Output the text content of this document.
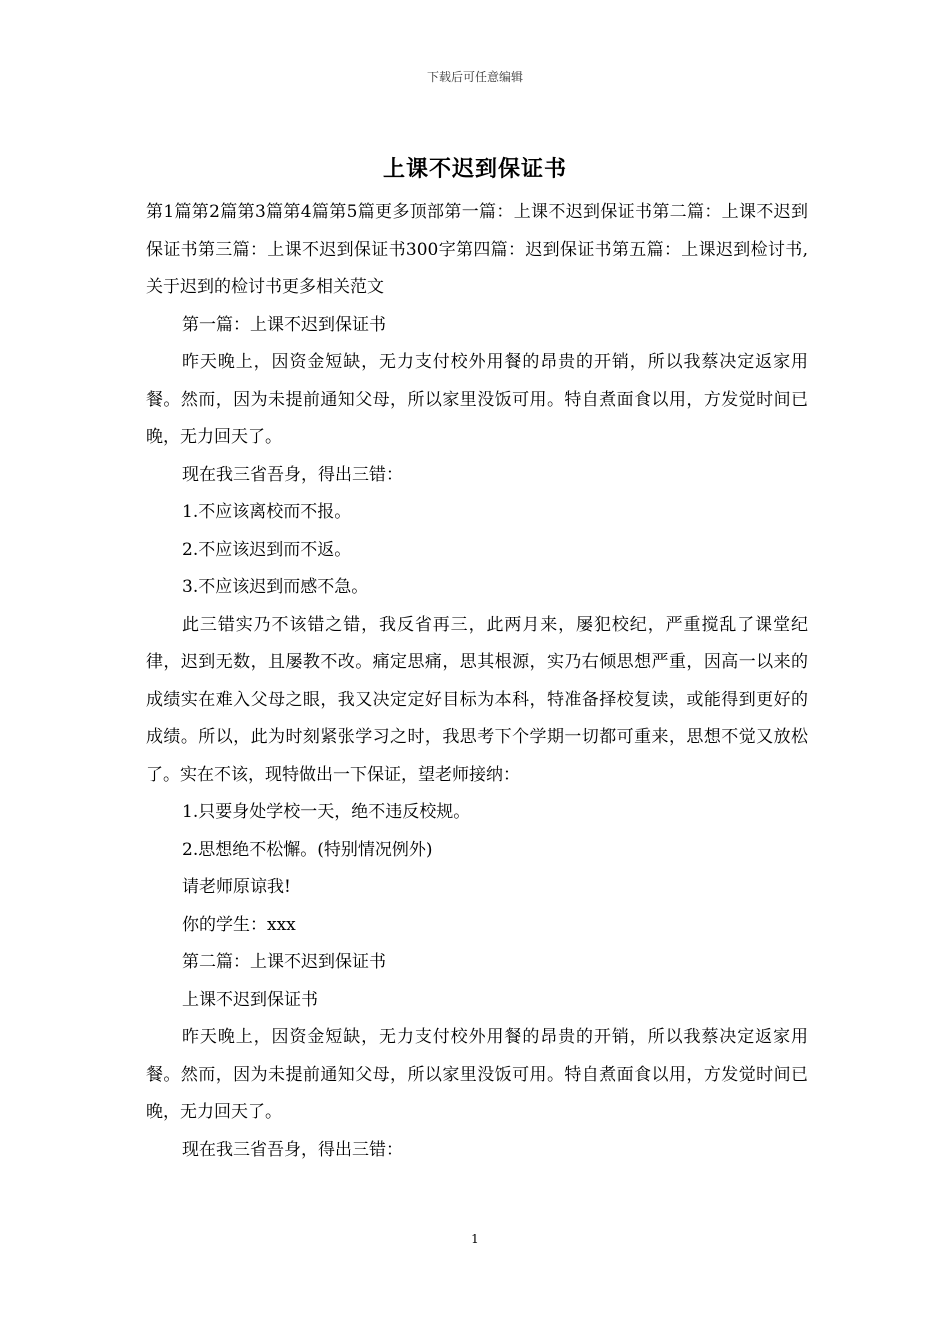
下载后可任意编辑
上课不迟到保证书

第1篇第2篇第3篇第4篇第5篇更多顶部第一篇：上课不迟到保证书第二篇：上课不迟到保证书第三篇：上课不迟到保证书300字第四篇：迟到保证书第五篇：上课迟到检讨书,关于迟到的检讨书更多相关范文

第一篇：上课不迟到保证书

昨天晚上，因资金短缺，无力支付校外用餐的昂贵的开销，所以我蔡决定返家用餐。然而，因为未提前通知父母，所以家里没饭可用。特自煮面食以用，方发觉时间已晚，无力回天了。

现在我三省吾身，得出三错：

1.不应该离校而不报。

2.不应该迟到而不返。

3.不应该迟到而感不急。

此三错实乃不该错之错，我反省再三，此两月来，屡犯校纪，严重搅乱了课堂纪律，迟到无数，且屡教不改。痛定思痛，思其根源，实乃右倾思想严重，因高一以来的成绩实在难入父母之眼，我又决定定好目标为本科，特准备择校复读，或能得到更好的成绩。所以，此为时刻紧张学习之时，我思考下个学期一切都可重来，思想不觉又放松了。实在不该，现特做出一下保证，望老师接纳：

1.只要身处学校一天，绝不违反校规。

2.思想绝不松懈。(特别情况例外)

请老师原谅我!

你的学生：xxx

第二篇：上课不迟到保证书

上课不迟到保证书

昨天晚上，因资金短缺，无力支付校外用餐的昂贵的开销，所以我蔡决定返家用餐。然而，因为未提前通知父母，所以家里没饭可用。特自煮面食以用，方发觉时间已晚，无力回天了。

现在我三省吾身，得出三错：

1
